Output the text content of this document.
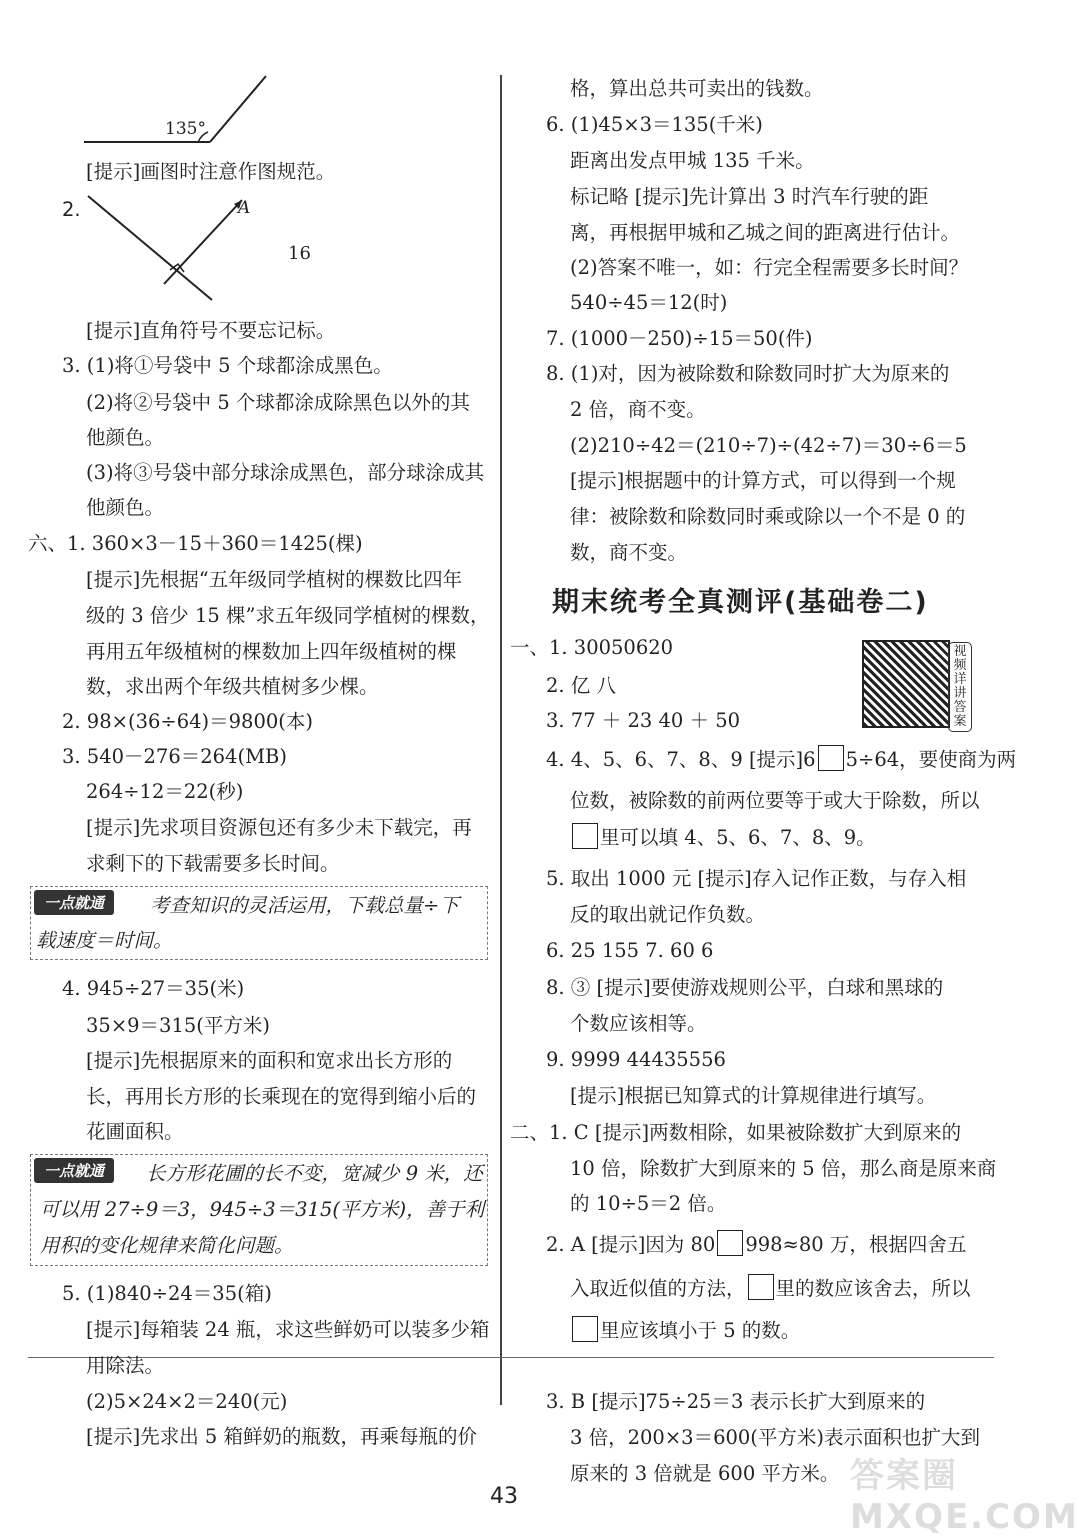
135°
[提示]画图时注意作图规范。
2.	A
16
[提示]直角符号不要忘记标。
3. (1)将①号袋中 5 个球都涂成黑色。
(2)将②号袋中 5 个球都涂成除黑色以外的其
他颜色。
(3)将③号袋中部分球涂成黑色，部分球涂成其
他颜色。
六、1. 360×3－15＋360＝1425(棵)
[提示]先根据“五年级同学植树的棵数比四年
级的 3 倍少 15 棵”求五年级同学植树的棵数，
再用五年级植树的棵数加上四年级植树的棵
数，求出两个年级共植树多少棵。
2. 98×(36÷64)＝9800(本)
3. 540－276＝264(MB)
264÷12＝22(秒)
[提示]先求项目资源包还有多少未下载完，再
求剩下的下载需要多长时间。
一点就通	考查知识的灵活运用，下载总量÷下
载速度＝时间。
4. 945÷27＝35(米)
35×9＝315(平方米)
[提示]先根据原来的面积和宽求出长方形的
长，再用长方形的长乘现在的宽得到缩小后的
花圃面积。
一点就通	长方形花圃的长不变，宽减少 9 米，还
可以用 27÷9＝3，945÷3＝315(平方米)，善于利
用积的变化规律来简化问题。
5. (1)840÷24＝35(箱)
[提示]每箱装 24 瓶，求这些鲜奶可以装多少箱
用除法。
(2)5×24×2＝240(元)
[提示]先求出 5 箱鲜奶的瓶数，再乘每瓶的价
格，算出总共可卖出的钱数。
6. (1)45×3＝135(千米)
距离出发点甲城 135 千米。
标记略 [提示]先计算出 3 时汽车行驶的距
离，再根据甲城和乙城之间的距离进行估计。
(2)答案不唯一，如：行完全程需要多长时间？
540÷45＝12(时)
7. (1000－250)÷15＝50(件)
8. (1)对，因为被除数和除数同时扩大为原来的
2 倍，商不变。
(2)210÷42＝(210÷7)÷(42÷7)＝30÷6＝5
[提示]根据题中的计算方式，可以得到一个规
律：被除数和除数同时乘或除以一个不是 0 的
数，商不变。
期末统考全真测评(基础卷二)
视频详讲答案
一、1. 30050620
2. 亿 八
3. 77 ＋ 23 40 ＋ 50
4. 4、5、6、7、8、9 [提示]6 5÷64，要使商为两
位数，被除数的前两位要等于或大于除数，所以
里可以填 4、5、6、7、8、9。
5. 取出 1000 元 [提示]存入记作正数，与存入相
反的取出就记作负数。
6. 25 155 7. 60 6
8. ③ [提示]要使游戏规则公平，白球和黑球的
个数应该相等。
9. 9999 44435556
[提示]根据已知算式的计算规律进行填写。
二、1. C [提示]两数相除，如果被除数扩大到原来的
10 倍，除数扩大到原来的 5 倍，那么商是原来商
的 10÷5＝2 倍。
2. A [提示]因为 80 998≈80 万，根据四舍五
入取近似值的方法， 里的数应该舍去，所以
里应该填小于 5 的数。
3. B [提示]75÷25＝3 表示长扩大到原来的
3 倍，200×3＝600(平方米)表示面积也扩大到
原来的 3 倍就是 600 平方米。
43
答案圈 MXQE.COM
